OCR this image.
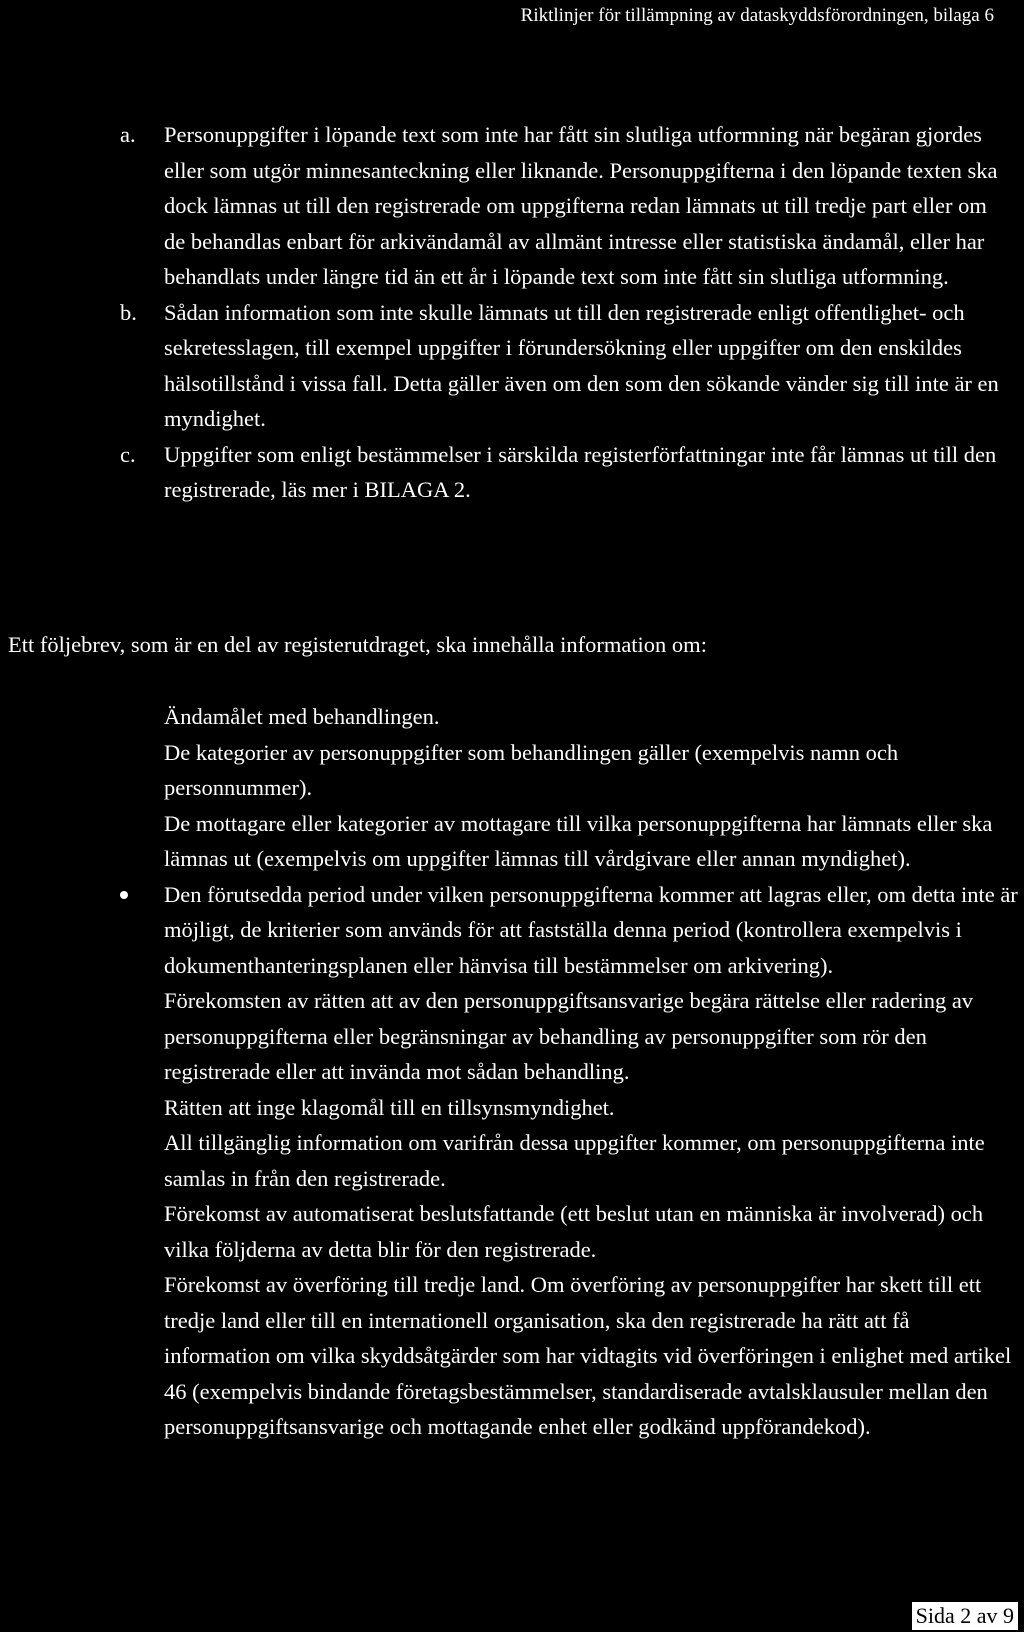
Riktlinjer för tillämpning av dataskyddsförordningen, bilaga 6
a. Personuppgifter i löpande text som inte har fått sin slutliga utformning när begäran gjordes eller som utgör minnesanteckning eller liknande. Personuppgifterna i den löpande texten ska dock lämnas ut till den registrerade om uppgifterna redan lämnats ut till tredje part eller om de behandlas enbart för arkivändamål av allmänt intresse eller statistiska ändamål, eller har behandlats under längre tid än ett år i löpande text som inte fått sin slutliga utformning.
b. Sådan information som inte skulle lämnats ut till den registrerade enligt offentlighet- och sekretesslagen, till exempel uppgifter i förundersökning eller uppgifter om den enskildes hälsotillstånd i vissa fall. Detta gäller även om den som den sökande vänder sig till inte är en myndighet.
c. Uppgifter som enligt bestämmelser i särskilda registerförfattningar inte får lämnas ut till den registrerade, läs mer i BILAGA 2.

Ett följebrev, som är en del av registerutdraget, ska innehålla information om:

Ändamålet med behandlingen.
De kategorier av personuppgifter som behandlingen gäller (exempelvis namn och personnummer).
De mottagare eller kategorier av mottagare till vilka personuppgifterna har lämnats eller ska lämnas ut (exempelvis om uppgifter lämnas till vårdgivare eller annan myndighet).
Den förutsedda period under vilken personuppgifterna kommer att lagras eller, om detta inte är möjligt, de kriterier som används för att fastställa denna period (kontrollera exempelvis i dokumenthanteringsplanen eller hänvisa till bestämmelser om arkivering).
Förekomsten av rätten att av den personuppgiftsansvarige begära rättelse eller radering av personuppgifterna eller begränsningar av behandling av personuppgifter som rör den registrerade eller att invända mot sådan behandling.
Rätten att inge klagomål till en tillsynsmyndighet.
All tillgänglig information om varifrån dessa uppgifter kommer, om personuppgifterna inte samlas in från den registrerade.
Förekomst av automatiserat beslutsfattande (ett beslut utan en människa är involverad) och vilka följderna av detta blir för den registrerade.
Förekomst av överföring till tredje land. Om överföring av personuppgifter har skett till ett tredje land eller till en internationell organisation, ska den registrerade ha rätt att få information om vilka skyddsåtgärder som har vidtagits vid överföringen i enlighet med artikel 46 (exempelvis bindande företagsbestämmelser, standardiserade avtalsklausuler mellan den personuppgiftsansvarige och mottagande enhet eller godkänd uppförandekod).
Sida 2 av 9
